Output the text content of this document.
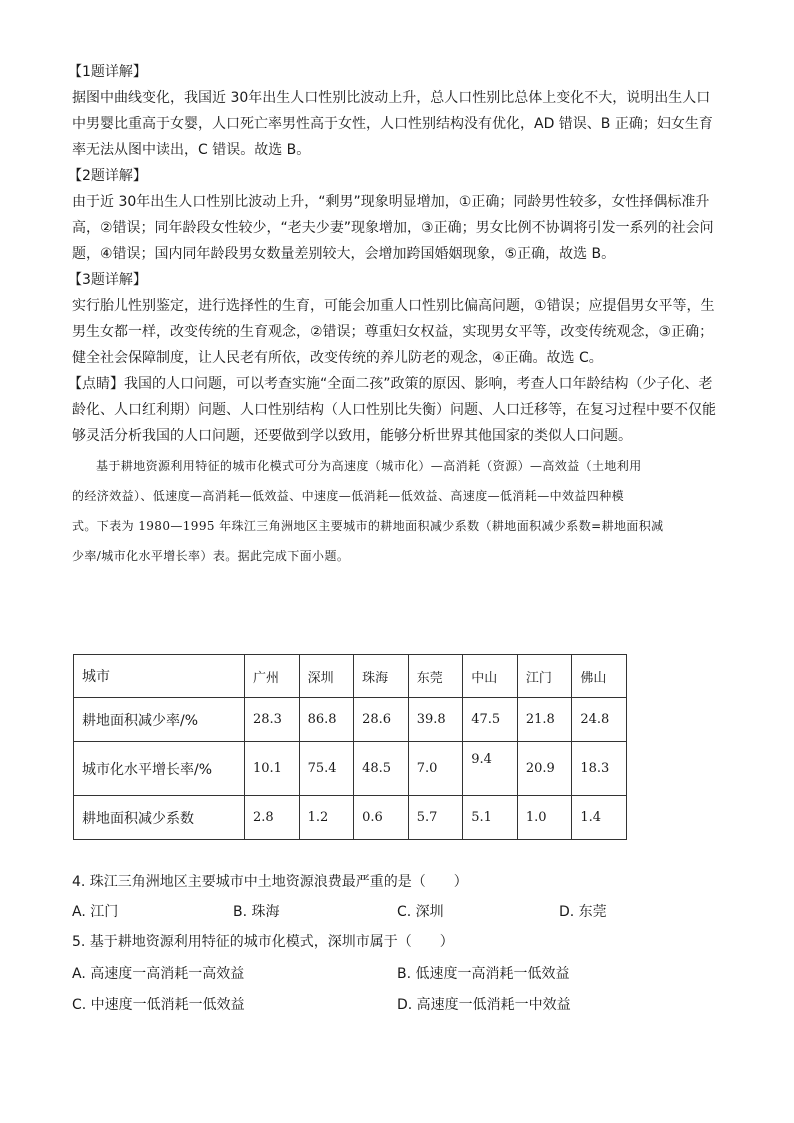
【1题详解】

据图中曲线变化，我国近 30年出生人口性别比波动上升，总人口性别比总体上变化不大，说明出生人口

中男婴比重高于女婴，人口死亡率男性高于女性，人口性别结构没有优化，AD 错误、B 正确；妇女生育

率无法从图中读出，C 错误。故选 B。

【2题详解】

由于近 30年出生人口性别比波动上升，“剩男”现象明显增加，①正确；同龄男性较多，女性择偶标准升

高，②错误；同年龄段女性较少，“老夫少妻”现象增加，③正确；男女比例不协调将引发一系列的社会问

题，④错误；国内同年龄段男女数量差别较大，会增加跨国婚姻现象，⑤正确，故选 B。

【3题详解】

实行胎儿性别鉴定，进行选择性的生育，可能会加重人口性别比偏高问题，①错误；应提倡男女平等，生

男生女都一样，改变传统的生育观念，②错误；尊重妇女权益，实现男女平等，改变传统观念，③正确；

健全社会保障制度，让人民老有所依，改变传统的养儿防老的观念，④正确。故选 C。

【点睛】我国的人口问题，可以考查实施“全面二孩”政策的原因、影响，考查人口年龄结构（少子化、老

龄化、人口红利期）问题、人口性别结构（人口性别比失衡）问题、人口迁移等，在复习过程中要不仅能

够灵活分析我国的人口问题，还要做到学以致用，能够分析世界其他国家的类似人口问题。

基于耕地资源利用特征的城市化模式可分为高速度（城市化）—高消耗（资源）—高效益（土地利用

的经济效益）、低速度—高消耗—低效益、中速度—低消耗—低效益、高速度—低消耗—中效益四种模

式。下表为 1980—1995 年珠江三角洲地区主要城市的耕地面积减少系数（耕地面积减少系数=耕地面积减

少率/城市化水平增长率）表。据此完成下面小题。

城市	广州	深圳	珠海	东莞	中山	江门	佛山
耕地面积减少率/%	28.3	86.8	28.6	39.8	47.5	21.8	24.8
城市化水平增长率/%	10.1	75.4	48.5	7.0	9.4	20.9	18.3
耕地面积减少系数	2.8	1.2	0.6	5.7	5.1	1.0	1.4
4. 珠江三角洲地区主要城市中土地资源浪费最严重的是（　　）
A. 江门	B. 珠海	C. 深圳	D. 东莞
5. 基于耕地资源利用特征的城市化模式，深圳市属于（　　）
A. 高速度一高消耗一高效益	B. 低速度一高消耗一低效益
C. 中速度一低消耗一低效益	D. 高速度一低消耗一中效益
